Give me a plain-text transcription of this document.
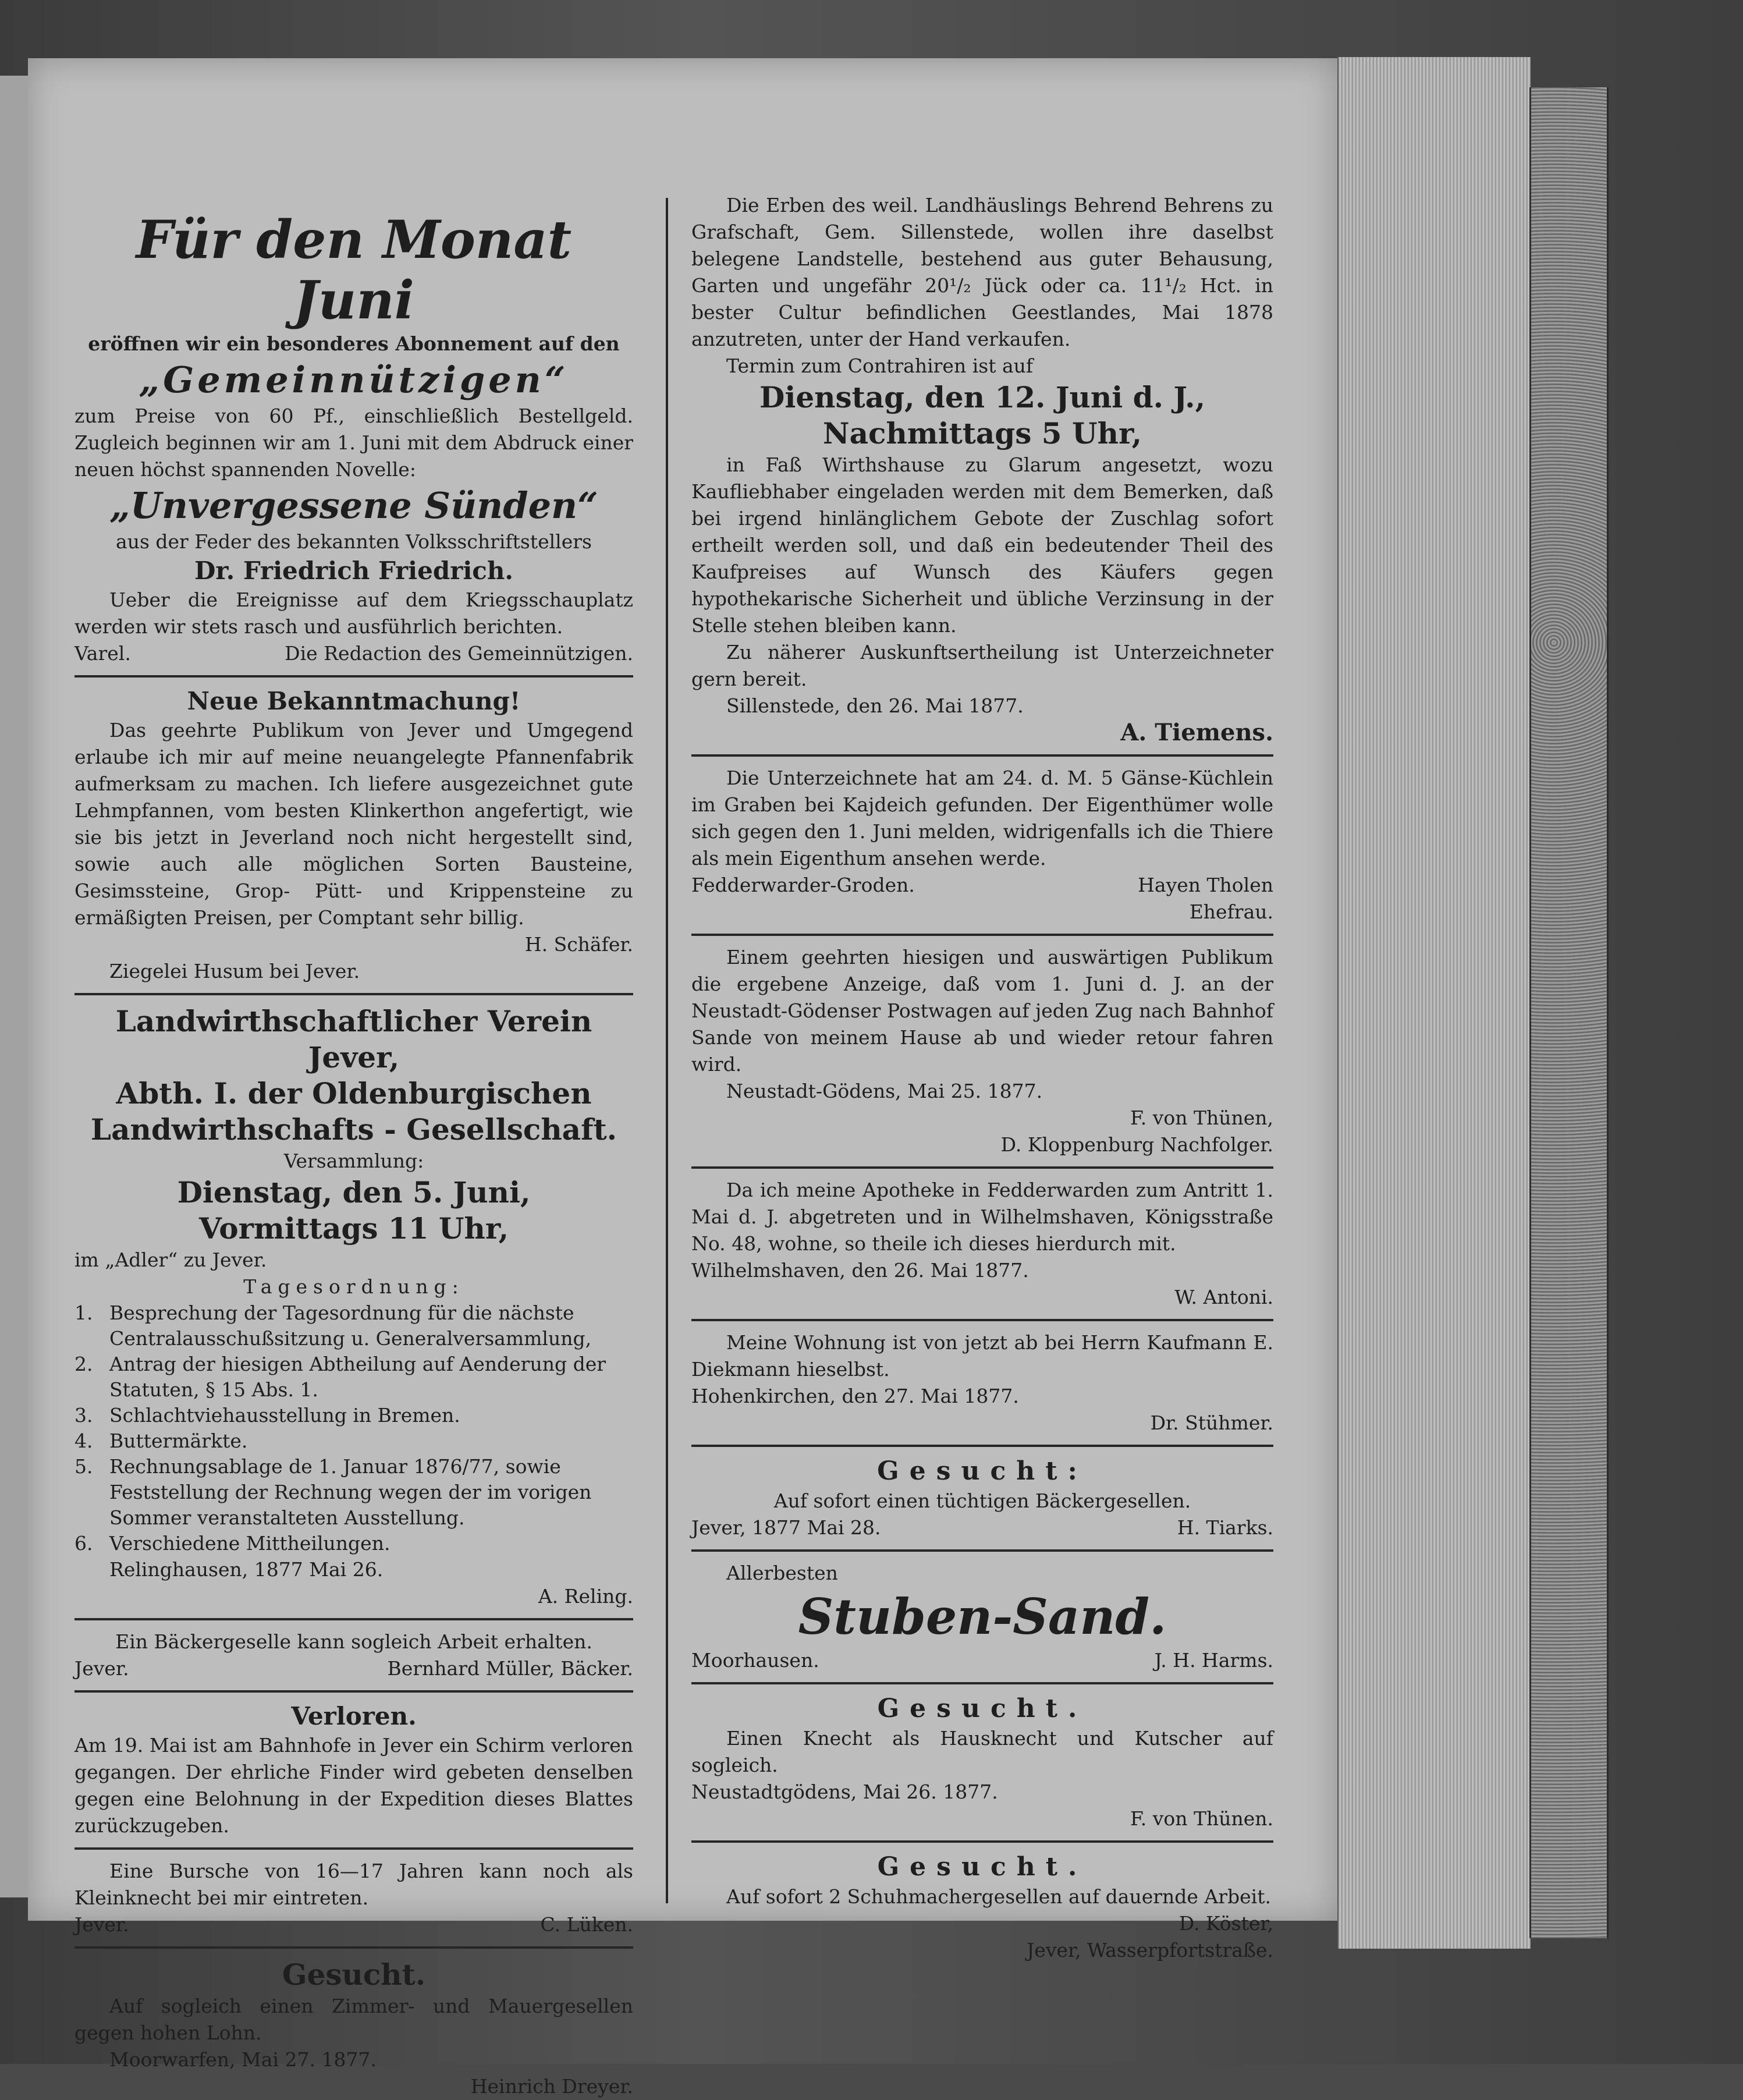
Für den Monat Juni

eröffnen wir ein besonderes Abonnement auf den

„Gemeinnützigen“

zum Preise von 60 Pf., einschließlich Bestellgeld. Zugleich beginnen wir am 1. Juni mit dem Abdruck einer neuen höchst spannenden Novelle:

„Unvergessene Sünden“

aus der Feder des bekannten Volksschriftstellers

Dr. Friedrich Friedrich.

Ueber die Ereignisse auf dem Kriegsschauplatz werden wir stets rasch und ausführlich berichten.

Varel.	Die Redaction des Gemeinnützigen.

Neue Bekanntmachung!

Das geehrte Publikum von Jever und Umgegend erlaube ich mir auf meine neuangelegte Pfannenfabrik aufmerksam zu machen. Ich liefere ausgezeichnet gute Lehmpfannen, vom besten Klinkerthon angefertigt, wie sie bis jetzt in Jeverland noch nicht hergestellt sind, sowie auch alle möglichen Sorten Bausteine, Gesimssteine, Grop- Pütt- und Krippensteine zu ermäßigten Preisen, per Comptant sehr billig.

H. Schäfer.

Ziegelei Husum bei Jever.

Landwirthschaftlicher Verein Jever,

Abth. I. der Oldenburgischen

Landwirthschafts - Gesellschaft.

Versammlung:

Dienstag, den 5. Juni,

Vormittags 11 Uhr,

im „Adler“ zu Jever.

Tagesordnung:

1. Besprechung der Tagesordnung für die nächste Centralausschußsitzung u. Generalversammlung,
2. Antrag der hiesigen Abtheilung auf Aenderung der Statuten, § 15 Abs. 1.
3. Schlachtviehausstellung in Bremen.
4. Buttermärkte.
5. Rechnungsablage de 1. Januar 1876/77, sowie Feststellung der Rechnung wegen der im vorigen Sommer veranstalteten Ausstellung.
6. Verschiedene Mittheilungen.

Relinghausen, 1877 Mai 26.

A. Reling.

Ein Bäckergeselle kann sogleich Arbeit erhalten.

Jever.	Bernhard Müller, Bäcker.

Verloren.

Am 19. Mai ist am Bahnhofe in Jever ein Schirm verloren gegangen. Der ehrliche Finder wird gebeten denselben gegen eine Belohnung in der Expedition dieses Blattes zurückzugeben.

Eine Bursche von 16—17 Jahren kann noch als Kleinknecht bei mir eintreten.

Jever.	C. Lüken.

Gesucht.

Auf sogleich einen Zimmer- und Mauergesellen gegen hohen Lohn.

Moorwarfen, Mai 27. 1877.

Heinrich Dreyer.

Die Erben des weil. Landhäuslings Behrend Behrens zu Grafschaft, Gem. Sillenstede, wollen ihre daselbst belegene Landstelle, bestehend aus guter Behausung, Garten und ungefähr 20¹/₂ Jück oder ca. 11¹/₂ Hct. in bester Cultur befindlichen Geestlandes, Mai 1878 anzutreten, unter der Hand verkaufen.

Termin zum Contrahiren ist auf

Dienstag, den 12. Juni d. J.,

Nachmittags 5 Uhr,

in Faß Wirthshause zu Glarum angesetzt, wozu Kaufliebhaber eingeladen werden mit dem Bemerken, daß bei irgend hinlänglichem Gebote der Zuschlag sofort ertheilt werden soll, und daß ein bedeutender Theil des Kaufpreises auf Wunsch des Käufers gegen hypothekarische Sicherheit und übliche Verzinsung in der Stelle stehen bleiben kann.

Zu näherer Auskunftsertheilung ist Unterzeichneter gern bereit.

Sillenstede, den 26. Mai 1877.

A. Tiemens.

Die Unterzeichnete hat am 24. d. M. 5 Gänse-Küchlein im Graben bei Kajdeich gefunden. Der Eigenthümer wolle sich gegen den 1. Juni melden, widrigenfalls ich die Thiere als mein Eigenthum ansehen werde.

Fedderwarder-Groden.	Hayen Tholen

Ehefrau.

Einem geehrten hiesigen und auswärtigen Publikum die ergebene Anzeige, daß vom 1. Juni d. J. an der Neustadt-Gödenser Postwagen auf jeden Zug nach Bahnhof Sande von meinem Hause ab und wieder retour fahren wird.

Neustadt-Gödens, Mai 25. 1877.

F. von Thünen,

D. Kloppenburg Nachfolger.

Da ich meine Apotheke in Fedderwarden zum Antritt 1. Mai d. J. abgetreten und in Wilhelmshaven, Königsstraße No. 48, wohne, so theile ich dieses hierdurch mit.

Wilhelmshaven, den 26. Mai 1877.

W. Antoni.

Meine Wohnung ist von jetzt ab bei Herrn Kaufmann E. Diekmann hieselbst.

Hohenkirchen, den 27. Mai 1877.

Dr. Stühmer.

Gesucht:

Auf sofort einen tüchtigen Bäckergesellen.

Jever, 1877 Mai 28.	H. Tiarks.

Allerbesten

Stuben-Sand.

Moorhausen.	J. H. Harms.

Gesucht.

Einen Knecht als Hausknecht und Kutscher auf sogleich.

Neustadtgödens, Mai 26. 1877.

F. von Thünen.

Gesucht.

Auf sofort 2 Schuhmachergesellen auf dauernde Arbeit.

D. Köster,

Jever, Wasserpfortstraße.
